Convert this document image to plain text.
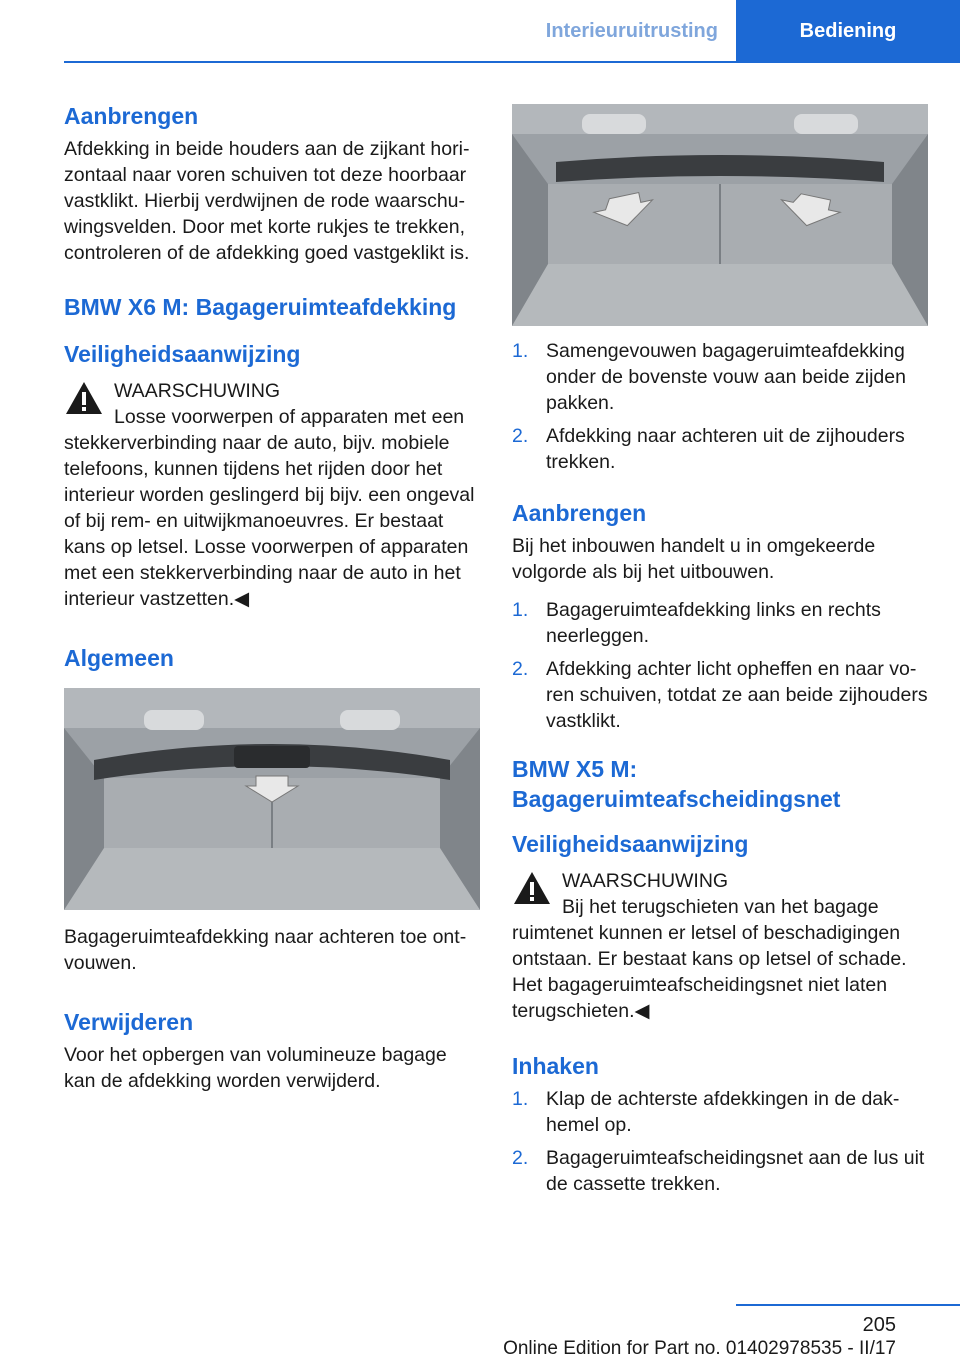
Interieuruitrusting	Bediening
Aanbrengen

Afdekking in beide houders aan de zijkant horizontaal naar voren schuiven tot deze hoorbaar vastklikt. Hierbij verdwijnen de rode waarschuwingsvelden. Door met korte rukjes te trekken, controleren of de afdekking goed vastgeklikt is.

BMW X6 M: Bagageruimteafdekking
Veiligheidsaanwijzing
WAARSCHUWING
Losse voorwerpen of apparaten met een
stekkerverbinding naar de auto, bijv. mobiele telefoons, kunnen tijdens het rijden door het interieur worden geslingerd bij bijv. een ongeval of bij rem- en uitwijkmanoeuvres. Er bestaat kans op letsel. Losse voorwerpen of apparaten met een stekkerverbinding naar de auto in het interieur vastzetten.◀
Algemeen

Bagageruimteafdekking naar achteren toe ontvouwen.

Verwijderen

Voor het opbergen van volumineuze bagage kan de afdekking worden verwijderd.

1. Samengevouwen bagageruimteafdekking onder de bovenste vouw aan beide zijden pakken.
2. Afdekking naar achteren uit de zijhouders trekken.
Aanbrengen

Bij het inbouwen handelt u in omgekeerde volgorde als bij het uitbouwen.

1. Bagageruimteafdekking links en rechts neerleggen.
2. Afdekking achter licht opheffen en naar voren schuiven, totdat ze aan beide zijhouders vastklikt.
BMW X5 M:
Bagageruimteafscheidingsnet
Veiligheidsaanwijzing
WAARSCHUWING
Bij het terugschieten van het bagage
ruimtenet kunnen er letsel of beschadigingen ontstaan. Er bestaat kans op letsel of schade. Het bagageruimteafscheidingsnet niet laten terugschieten.◀
Inhaken
1. Klap de achterste afdekkingen in de dakhemel op.
2. Bagageruimteafscheidingsnet aan de lus uit de cassette trekken.
205
Online Edition for Part no. 01402978535 - II/17
